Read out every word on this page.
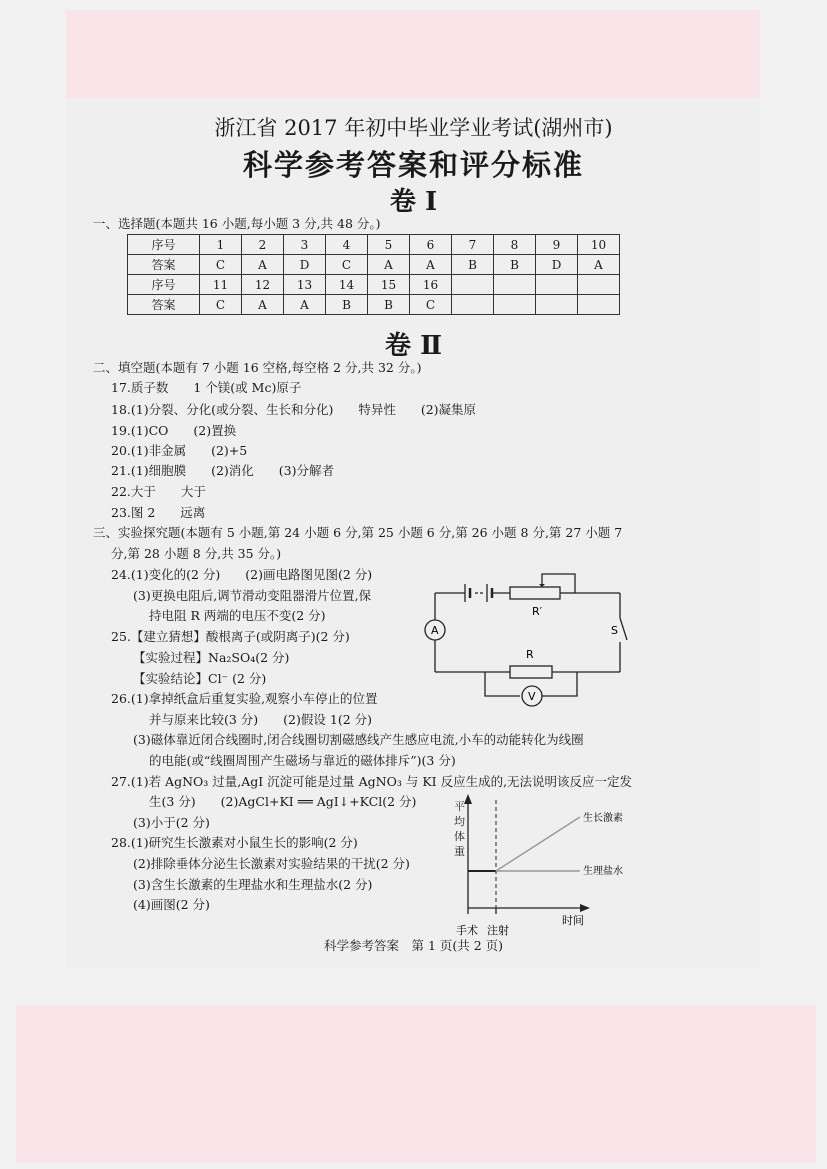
浙江省 2017 年初中毕业学业考试(湖州市)
科学参考答案和评分标准
卷 Ⅰ
一、选择题(本题共 16 小题,每小题 3 分,共 48 分。)
序号	1	2	3	4	5	6	7	8	9	10
答案	C	A	D	C	A	A	B	B	D	A
序号	11	12	13	14	15	16				
答案	C	A	A	B	B	C				
卷 Ⅱ
二、填空题(本题有 7 小题 16 空格,每空格 2 分,共 32 分。)
17.质子数　　1 个镁(或 Mc)原子
18.(1)分裂、分化(或分裂、生长和分化)　　特异性　　(2)凝集原
19.(1)CO　　(2)置换
20.(1)非金属　　(2)+5
21.(1)细胞膜　　(2)消化　　(3)分解者
22.大于　　大于
23.图 2　　远离
三、实验探究题(本题有 5 小题,第 24 小题 6 分,第 25 小题 6 分,第 26 小题 8 分,第 27 小题 7
分,第 28 小题 8 分,共 35 分。)
24.(1)变化的(2 分)　　(2)画电路图见图(2 分)
(3)更换电阻后,调节滑动变阻器滑片位置,保
持电阻 R 两端的电压不变(2 分)
25.【建立猜想】酸根离子(或阴离子)(2 分)
【实验过程】Na₂SO₄(2 分)
【实验结论】Cl⁻ (2 分)
26.(1)拿掉纸盒后重复实验,观察小车停止的位置
并与原来比较(3 分)　　(2)假设 1(2 分)
(3)磁体靠近闭合线圈时,闭合线圈切割磁感线产生感应电流,小车的动能转化为线圈
的电能(或“线圈周围产生磁场与靠近的磁体排斥”)(3 分)
27.(1)若 AgNO₃ 过量,AgI 沉淀可能是过量 AgNO₃ 与 KI 反应生成的,无法说明该反应一定发
生(3 分)　　(2)AgCl+KI ══ AgI↓+KCl(2 分)
(3)小于(2 分)
28.(1)研究生长激素对小鼠生长的影响(2 分)
(2)排除垂体分泌生长激素对实验结果的干扰(2 分)
(3)含生长激素的生理盐水和生理盐水(2 分)
(4)画图(2 分)
R′
A	S
R
V
平
均
体
重
生长激素
生理盐水
时间
手术 注射
科学参考答案　第 1 页(共 2 页)
